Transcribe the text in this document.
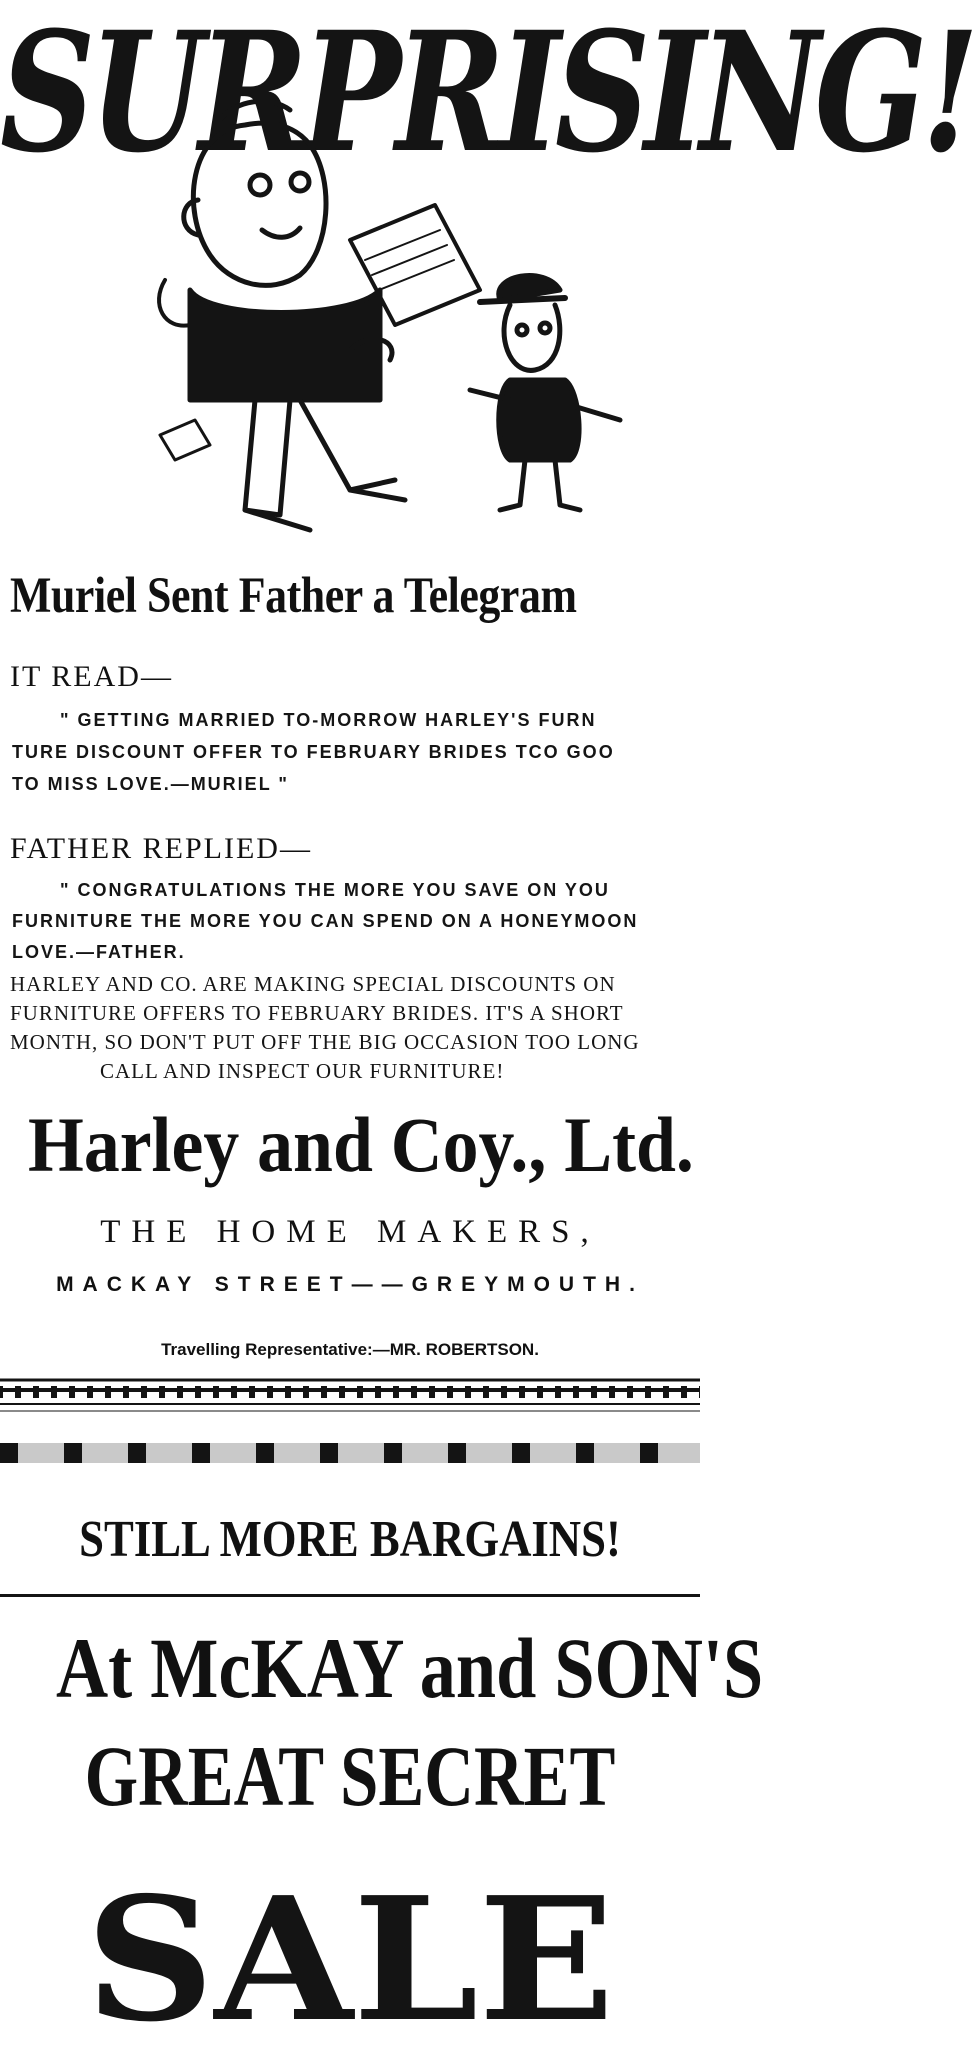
SURPRISING!
Muriel Sent Father a Telegram
IT READ—
" GETTING MARRIED TO-MORROW HARLEY'S FURN
TURE DISCOUNT OFFER TO FEBRUARY BRIDES TCO GOO
TO MISS LOVE.—MURIEL "
FATHER REPLIED—
" CONGRATULATIONS THE MORE YOU SAVE ON YOU
FURNITURE THE MORE YOU CAN SPEND ON A HONEYMOON
LOVE.—FATHER.
HARLEY AND CO. ARE MAKING SPECIAL DISCOUNTS ON
FURNITURE OFFERS TO FEBRUARY BRIDES. IT'S A SHORT
MONTH, SO DON'T PUT OFF THE BIG OCCASION TOO LONG
CALL AND INSPECT OUR FURNITURE!
Harley and Coy., Ltd.
THE HOME MAKERS,
MACKAY STREET——GREYMOUTH.
Travelling Representative:—MR. ROBERTSON.
STILL MORE BARGAINS!
At McKAY and SON'S
GREAT SECRET
SALE
